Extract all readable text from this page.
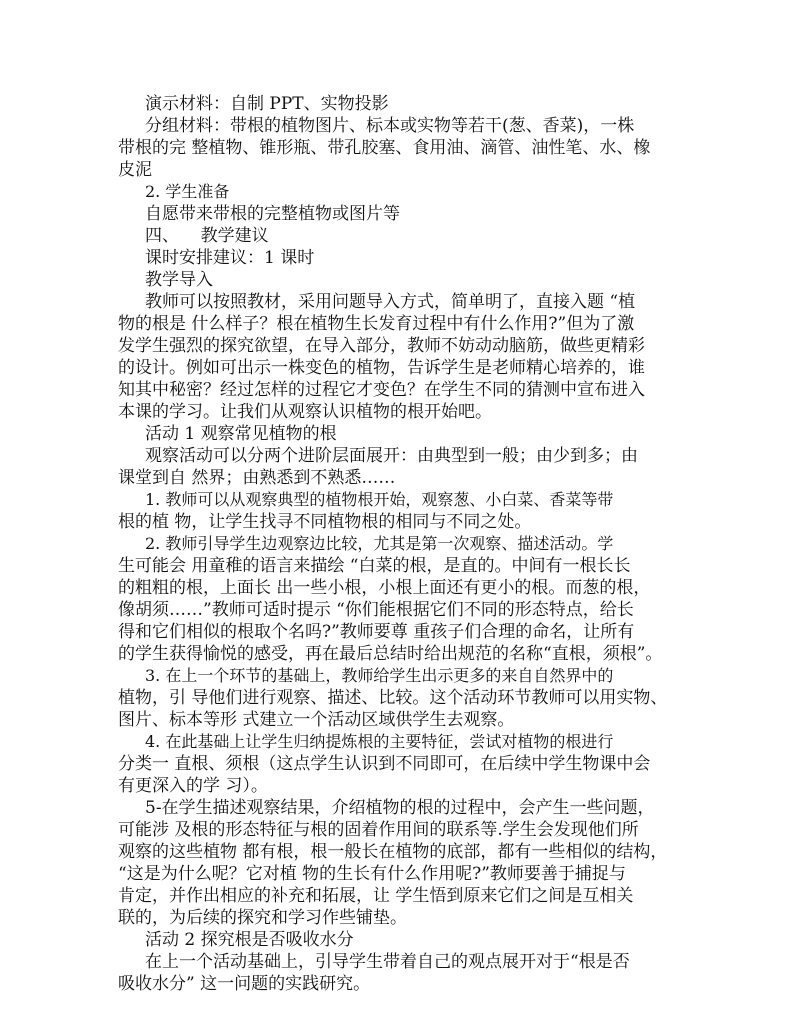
演示材料：自制 PPT、实物投影
分组材料：带根的植物图片、标本或实物等若干(葱、香菜)，一株
带根的完 整植物、锥形瓶、带孔胶塞、食用油、滴管、油性笔、水、橡
皮泥
2. 学生准备
自愿带来带根的完整植物或图片等
四、    教学建议
课时安排建议：1 课时
教学导入
教师可以按照教材，采用问题导入方式，简单明了，直接入题 “植
物的根是 什么样子？根在植物生长发育过程中有什么作用?”但为了激
发学生强烈的探究欲望，在导入部分，教师不妨动动脑筋，做些更精彩
的设计。例如可出示一株变色的植物，告诉学生是老师精心培养的，谁
知其中秘密？经过怎样的过程它才变色？在学生不同的猜测中宣布进入
本课的学习。让我们从观察认识植物的根开始吧。
活动 1 观察常见植物的根
观察活动可以分两个进阶层面展开：由典型到一般；由少到多；由
课堂到自 然界；由熟悉到不熟悉……
1. 教师可以从观察典型的植物根开始，观察葱、小白菜、香菜等带
根的植 物，让学生找寻不同植物根的相同与不同之处。
2. 教师引导学生边观察边比较，尤其是第一次观察、描述活动。学
生可能会 用童稚的语言来描绘 “白菜的根，是直的。中间有一根长长
的粗粗的根，上面长 出一些小根，小根上面还有更小的根。而葱的根，
像胡须……”教师可适时提示 “你们能根据它们不同的形态特点，给长
得和它们相似的根取个名吗?”教师要尊 重孩子们合理的命名，让所有
的学生获得愉悦的感受，再在最后总结时给出规范的名称“直根，须根”。
3. 在上一个环节的基础上，教师给学生出示更多的来自自然界中的
植物，引 导他们进行观察、描述、比较。这个活动环节教师可以用实物、
图片、标本等形 式建立一个活动区域供学生去观察。
4. 在此基础上让学生归纳提炼根的主要特征，尝试对植物的根进行
分类一 直根、须根（这点学生认识到不同即可，在后续中学生物课中会
有更深入的学 习）。
5-在学生描述观察结果，介绍植物的根的过程中，会产生一些问题，
可能涉 及根的形态特征与根的固着作用间的联系等.学生会发现他们所
观察的这些植物 都有根，根一般长在植物的底部，都有一些相似的结构，
“这是为什么呢？它对植 物的生长有什么作用呢?”教师要善于捕捉与
肯定，并作出相应的补充和拓展，让 学生悟到原来它们之间是互相关
联的，为后续的探究和学习作些铺垫。
活动 2 探究根是否吸收水分
在上一个活动基础上，引导学生带着自己的观点展开对于“根是否
吸收水分” 这一问题的实践研究。
